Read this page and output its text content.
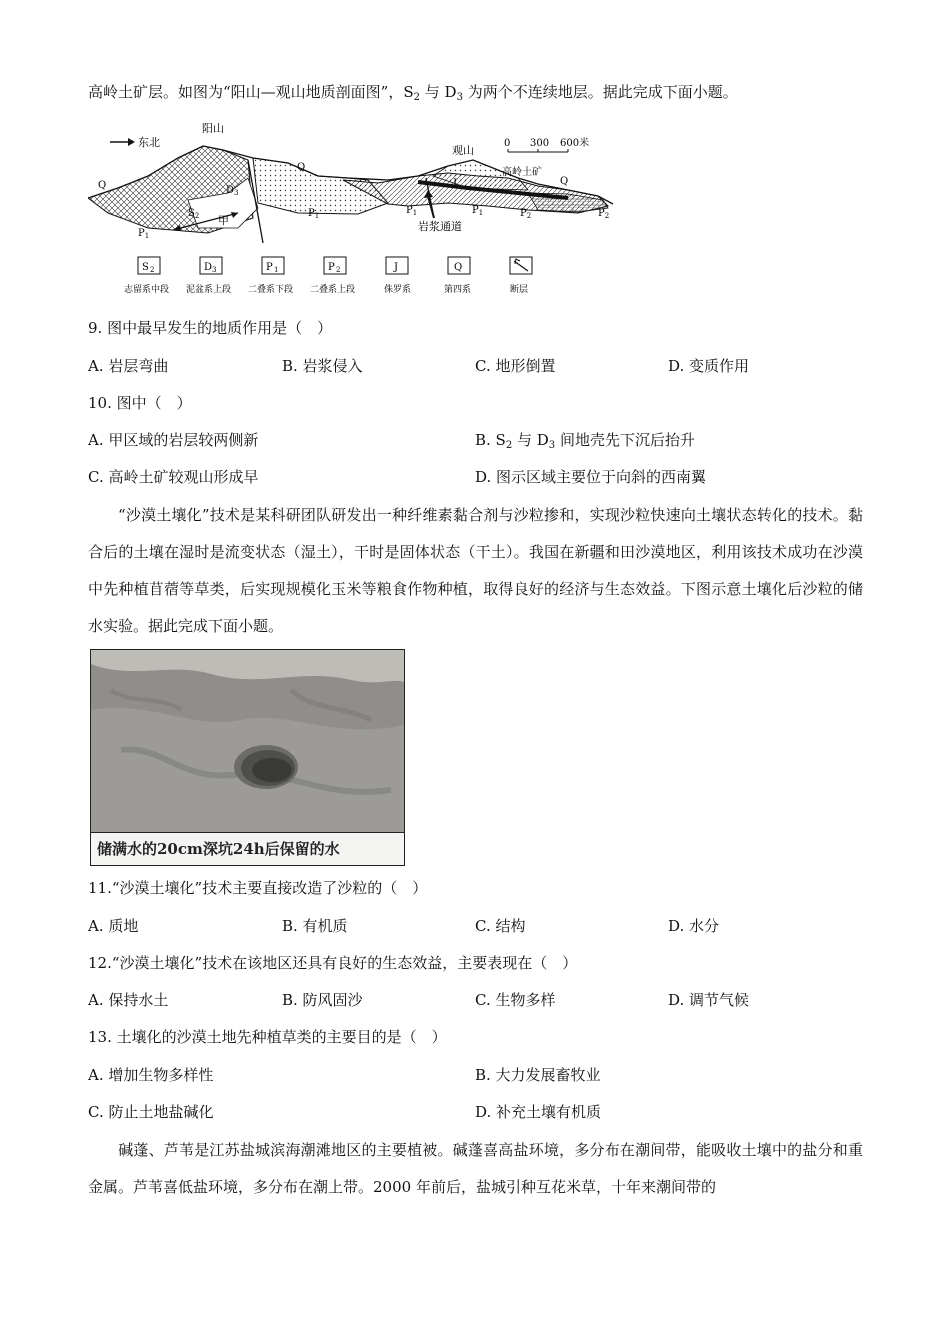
高岭土矿层。如图为“阳山—观山地质剖面图”，$S_2$ 与 $D_3$ 为两个不连续地层。据此完成下面小题。
东北
阳山
观山
0 300 600米
岩浆通道
高岭土矿
甲
Q
Q
Q
$S_2$
$D_3$
$P_1$
$P_1$	$P_1$	$P_1$	$P_2$	$P_2$
J
S 2
志留系中段
D 3
泥盆系上段
P 1
二叠系下段
P 2
二叠系上段
J
侏罗系
Q
第四系	断层
9. 图中最早发生的地质作用是（　）
A. 岩层弯曲	B. 岩浆侵入	C. 地形倒置	D. 变质作用
10. 图中（　）
A. 甲区域的岩层较两侧新	B. $S_2$ 与 $D_3$ 间地壳先下沉后抬升
C. 高岭土矿较观山形成早	D. 图示区域主要位于向斜的西南翼
“沙漠土壤化”技术是某科研团队研发出一种纤维素黏合剂与沙粒掺和，实现沙粒快速向土壤状态转化的技术。黏合后的土壤在湿时是流变状态（湿土），干时是固体状态（干土）。我国在新疆和田沙漠地区，利用该技术成功在沙漠中先种植苜蓿等草类，后实现规模化玉米等粮食作物种植，取得良好的经济与生态效益。下图示意土壤化后沙粒的储水实验。据此完成下面小题。
储满水的20cm深坑24h后保留的水
11.“沙漠土壤化”技术主要直接改造了沙粒的（　）
A. 质地	B. 有机质	C. 结构	D. 水分
12.“沙漠土壤化”技术在该地区还具有良好的生态效益，主要表现在（　）
A. 保持水土	B. 防风固沙	C. 生物多样	D. 调节气候
13. 土壤化的沙漠土地先种植草类的主要目的是（　）
A. 增加生物多样性	B. 大力发展畜牧业
C. 防止土地盐碱化	D. 补充土壤有机质
碱蓬、芦苇是江苏盐城滨海潮滩地区的主要植被。碱蓬喜高盐环境，多分布在潮间带，能吸收土壤中的盐分和重金属。芦苇喜低盐环境，多分布在潮上带。2000 年前后，盐城引种互花米草，十年来潮间带的
